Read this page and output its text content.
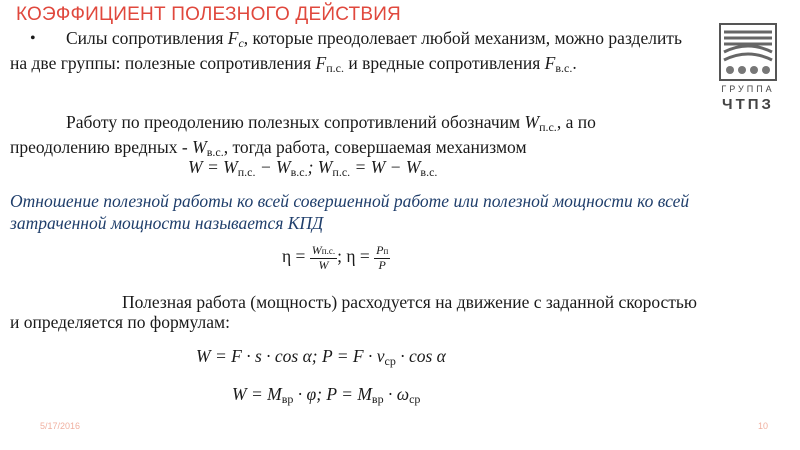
КОЭФФИЦИЕНТ ПОЛЕЗНОГО ДЕЙСТВИЯ
ГРУППА
ЧТПЗ
•	Силы сопротивления Fc, которые преодолевает любой механизм, можно разделить на две группы: полезные сопротивления $F_{п.с.}$ и вредные сопротивления $F_{в.с.}$.
Работу по преодолению полезных сопротивлений обозначим $W_{п.с.}$, а по преодолению вредных - $W_{в.с.}$, тогда работа, совершаемая механизмом
$W = W_{п.с.} - W_{в.с.}$; $W_{п.с.} = W - W_{в.с.}$
Отношение полезной работы ко всей совершенной работе или полезной мощности ко всей затраченной мощности называется КПД
$\eta = \frac{Wп.с.}{W}$ ; $\eta = \frac{Pп}{P}$
Полезная работа (мощность) расходуется на движение с заданной скоростью и определяется по формулам:
W = F · s · cos α; $P = F \cdot v_{ср} \cdot \cos \alpha$
$W = M_{вр} \cdot \varphi$; $P = M_{вр} \cdot \omega_{ср}$
5/17/2016	10
